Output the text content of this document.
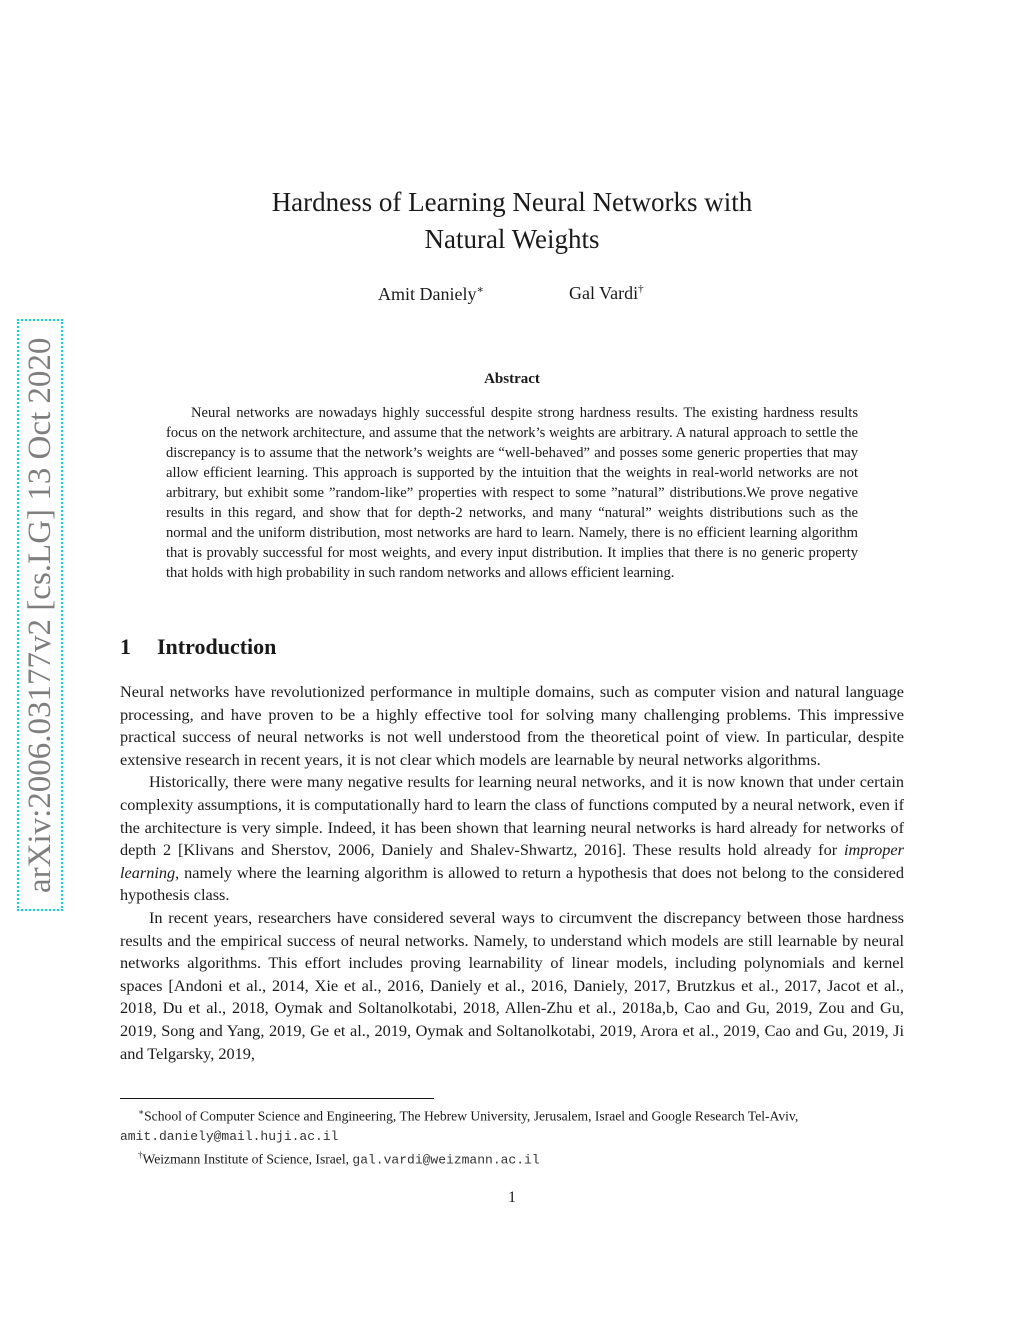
arXiv:2006.03177v2 [cs.LG] 13 Oct 2020
Hardness of Learning Neural Networks with
Natural Weights
Amit Daniely∗	Gal Vardi†
Abstract

Neural networks are nowadays highly successful despite strong hardness results. The existing hardness results focus on the network architecture, and assume that the network’s weights are arbitrary. A natural approach to settle the discrepancy is to assume that the network’s weights are “well-behaved” and posses some generic properties that may allow efficient learning. This approach is supported by the intuition that the weights in real-world networks are not arbitrary, but exhibit some ”random-like” properties with respect to some ”natural” distributions.We prove negative results in this regard, and show that for depth-2 networks, and many “natural” weights distributions such as the normal and the uniform distribution, most networks are hard to learn. Namely, there is no efficient learning algorithm that is provably successful for most weights, and every input distribution. It implies that there is no generic property that holds with high probability in such random networks and allows efficient learning.

1 Introduction

Neural networks have revolutionized performance in multiple domains, such as computer vision and natural language processing, and have proven to be a highly effective tool for solving many challenging problems. This impressive practical success of neural networks is not well understood from the theoretical point of view. In particular, despite extensive research in recent years, it is not clear which models are learnable by neural networks algorithms.

Historically, there were many negative results for learning neural networks, and it is now known that under certain complexity assumptions, it is computationally hard to learn the class of functions computed by a neural network, even if the architecture is very simple. Indeed, it has been shown that learning neural networks is hard already for networks of depth 2 [Klivans and Sherstov, 2006, Daniely and Shalev-Shwartz, 2016]. These results hold already for improper learning, namely where the learning algorithm is allowed to return a hypothesis that does not belong to the considered hypothesis class.

In recent years, researchers have considered several ways to circumvent the discrepancy between those hardness results and the empirical success of neural networks. Namely, to understand which models are still learnable by neural networks algorithms. This effort includes proving learnability of linear models, including polynomials and kernel spaces [Andoni et al., 2014, Xie et al., 2016, Daniely et al., 2016, Daniely, 2017, Brutzkus et al., 2017, Jacot et al., 2018, Du et al., 2018, Oymak and Soltanolkotabi, 2018, Allen-Zhu et al., 2018a,b, Cao and Gu, 2019, Zou and Gu, 2019, Song and Yang, 2019, Ge et al., 2019, Oymak and Soltanolkotabi, 2019, Arora et al., 2019, Cao and Gu, 2019, Ji and Telgarsky, 2019,

∗School of Computer Science and Engineering, The Hebrew University, Jerusalem, Israel and Google Research Tel-Aviv,

amit.daniely@mail.huji.ac.il

†Weizmann Institute of Science, Israel, gal.vardi@weizmann.ac.il

1
